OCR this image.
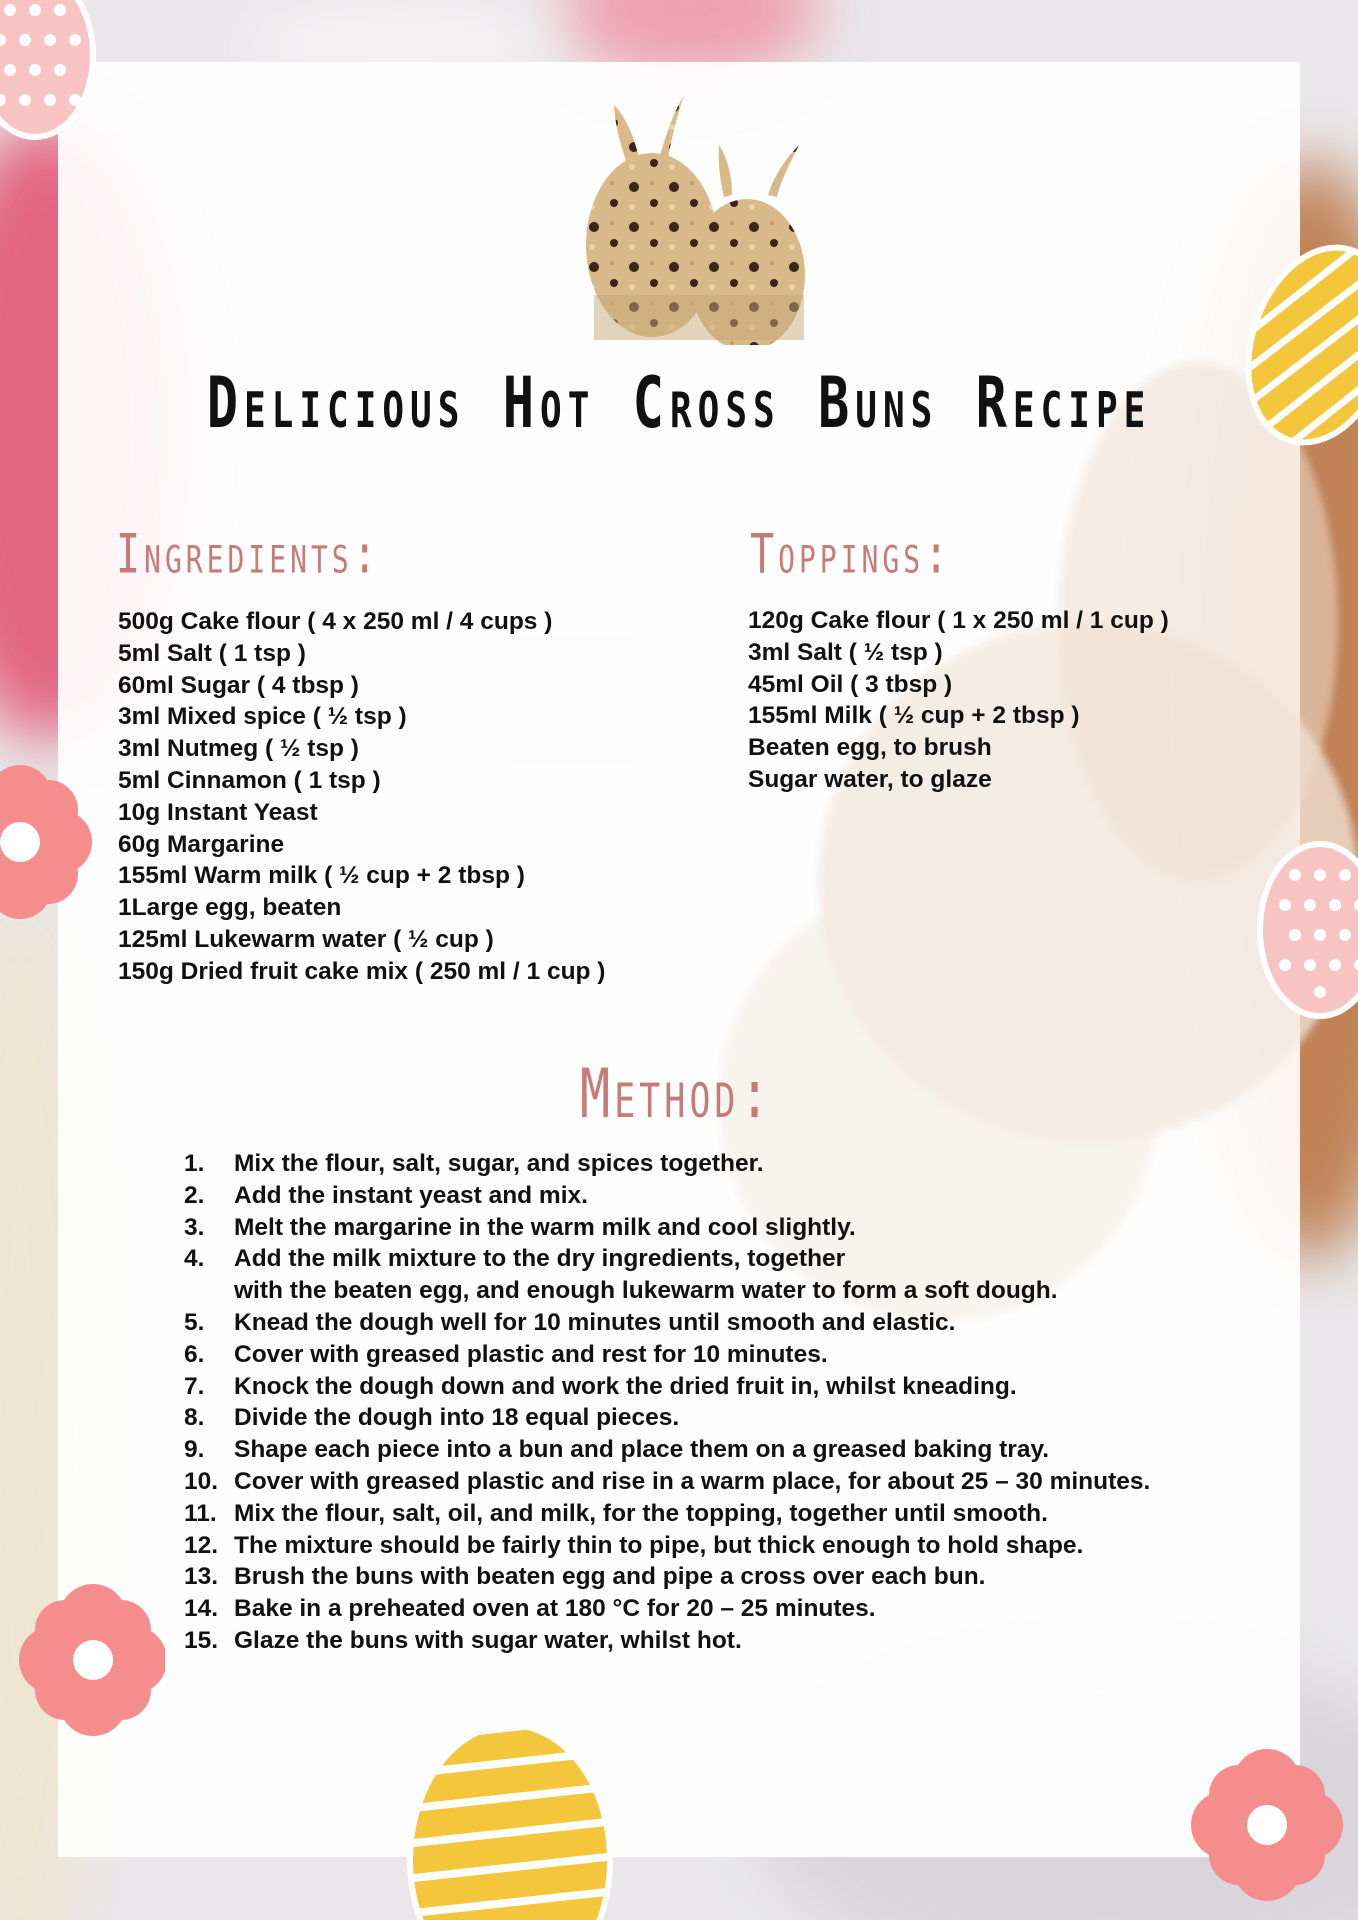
Delicious Hot Cross Buns Recipe
Ingredients:	Toppings:
500g Cake flour ( 4 x 250 ml / 4 cups )
5ml Salt ( 1 tsp )
60ml Sugar ( 4 tbsp )
3ml Mixed spice ( ½ tsp )
3ml Nutmeg ( ½ tsp )
5ml Cinnamon ( 1 tsp )
10g Instant Yeast
60g Margarine
155ml Warm milk ( ½ cup + 2 tbsp )
1Large egg, beaten
125ml Lukewarm water ( ½ cup )
150g Dried fruit cake mix ( 250 ml / 1 cup )
120g Cake flour ( 1 x 250 ml / 1 cup )
3ml Salt ( ½ tsp )
45ml Oil ( 3 tbsp )
155ml Milk ( ½ cup + 2 tbsp )
Beaten egg, to brush
Sugar water, to glaze
Method:
1.	Mix the flour, salt, sugar, and spices together.
2.	Add the instant yeast and mix.
3.	Melt the margarine in the warm milk and cool slightly.
4.	Add the milk mixture to the dry ingredients, together
with the beaten egg, and enough lukewarm water to form a soft dough.
5.	Knead the dough well for 10 minutes until smooth and elastic.
6.	Cover with greased plastic and rest for 10 minutes.
7.	Knock the dough down and work the dried fruit in, whilst kneading.
8.	Divide the dough into 18 equal pieces.
9.	Shape each piece into a bun and place them on a greased baking tray.
10. Cover with greased plastic and rise in a warm place, for about 25 – 30 minutes.
11. Mix the flour, salt, oil, and milk, for the topping, together until smooth.
12. The mixture should be fairly thin to pipe, but thick enough to hold shape.
13. Brush the buns with beaten egg and pipe a cross over each bun.
14. Bake in a preheated oven at 180 °C for 20 – 25 minutes.
15. Glaze the buns with sugar water, whilst hot.
